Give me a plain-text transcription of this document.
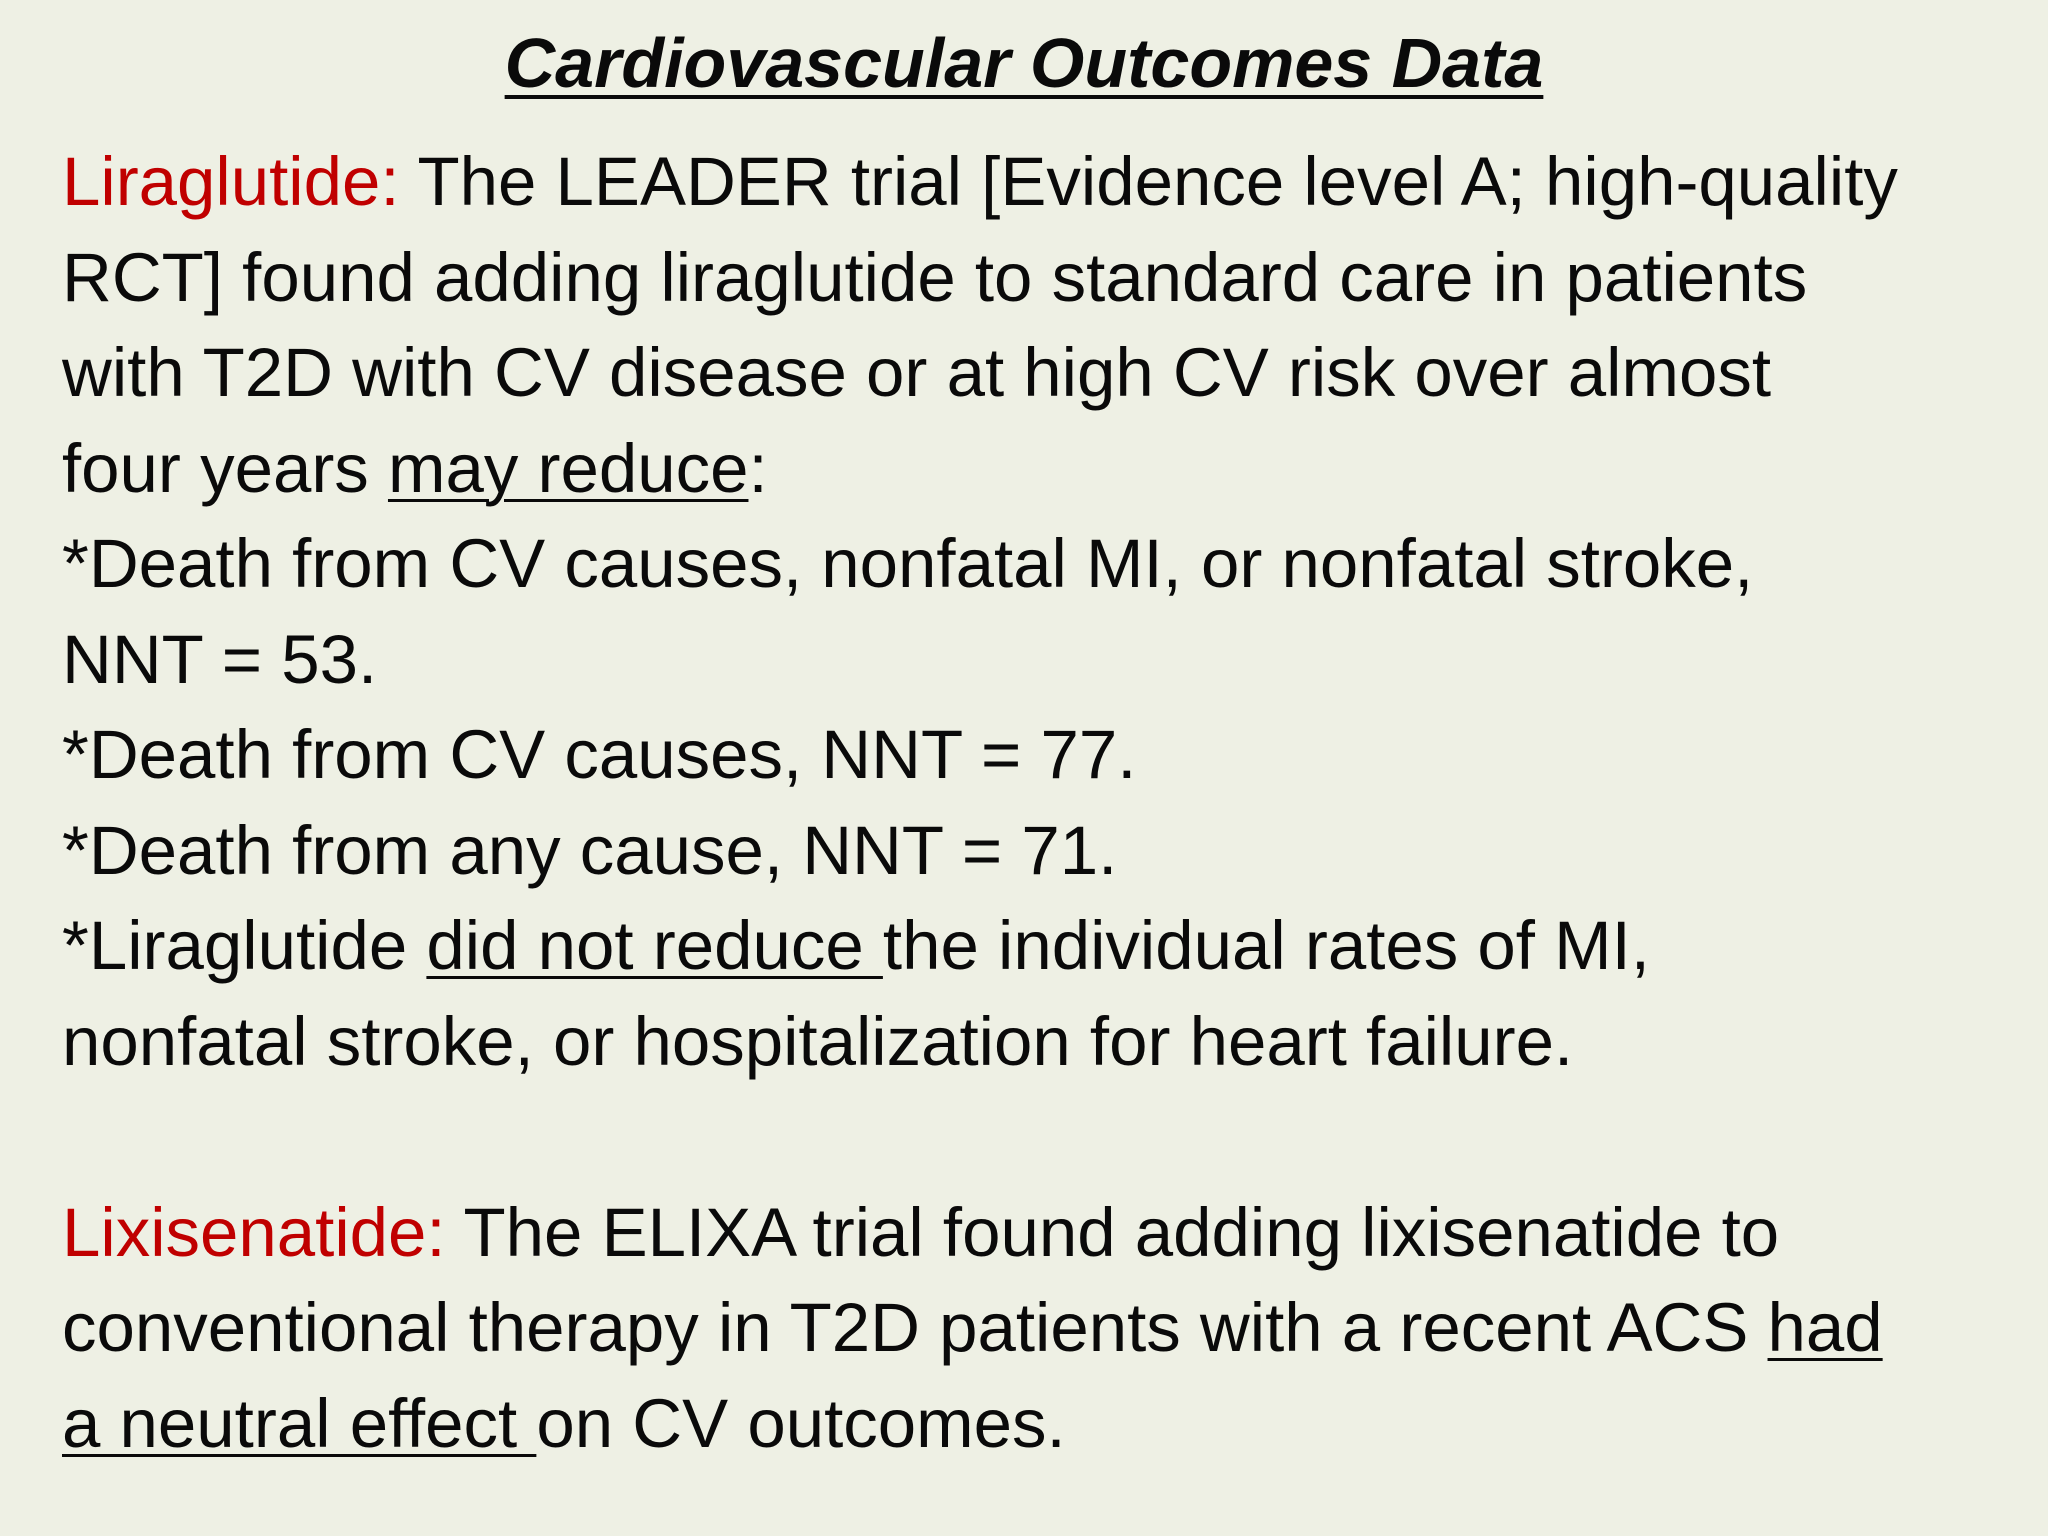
Cardiovascular Outcomes Data
Liraglutide: The LEADER trial [Evidence level A; high-quality
RCT] found adding liraglutide to standard care in patients
with T2D with CV disease or at high CV risk over almost
four years may reduce:
*Death from CV causes, nonfatal MI, or nonfatal stroke,
NNT = 53.
*Death from CV causes, NNT = 77.
*Death from any cause, NNT = 71.
*Liraglutide did not reduce the individual rates of MI,
nonfatal stroke, or hospitalization for heart failure.
Lixisenatide: The ELIXA trial found adding lixisenatide to
conventional therapy in T2D patients with a recent ACS had
a neutral effect on CV outcomes.
